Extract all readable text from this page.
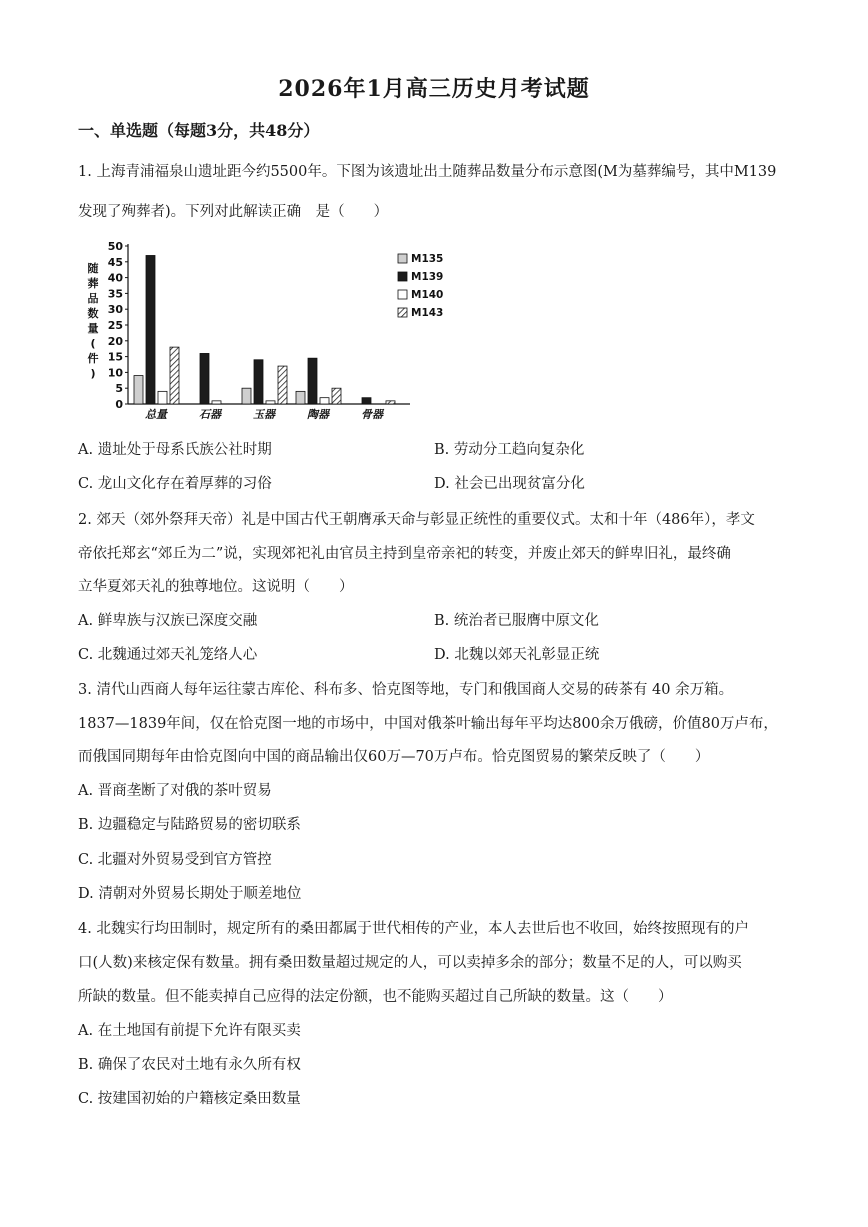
2026年1月高三历史月考试题
一、单选题（每题3分，共48分）
1. 上海青浦福泉山遗址距今约5500年。下图为该遗址出土随葬品数量分布示意图(M为墓葬编号，其中M139
发现了殉葬者)。下列对此解读正确　是（　　）
随
葬
品
数
量
(
件
)
0
5
10
15
20
25
30
35
40
45
50
总量	石器	玉器	陶器	骨器
M135
M139
M140
M143
A. 遗址处于母系氏族公社时期	B. 劳动分工趋向复杂化
C. 龙山文化存在着厚葬的习俗	D. 社会已出现贫富分化
2. 郊天（郊外祭拜天帝）礼是中国古代王朝膺承天命与彰显正统性的重要仪式。太和十年（486年），孝文
帝依托郑玄“郊丘为二”说，实现郊祀礼由官员主持到皇帝亲祀的转变，并废止郊天的鲜卑旧礼，最终确
立华夏郊天礼的独尊地位。这说明（　　）
A. 鲜卑族与汉族已深度交融	B. 统治者已服膺中原文化
C. 北魏通过郊天礼笼络人心	D. 北魏以郊天礼彰显正统
3. 清代山西商人每年运往蒙古库伦、科布多、恰克图等地，专门和俄国商人交易的砖茶有 40 余万箱。
1837—1839年间，仅在恰克图一地的市场中，中国对俄茶叶输出每年平均达800余万俄磅，价值80万卢布，
而俄国同期每年由恰克图向中国的商品输出仅60万—70万卢布。恰克图贸易的繁荣反映了（　　）
A. 晋商垄断了对俄的茶叶贸易
B. 边疆稳定与陆路贸易的密切联系
C. 北疆对外贸易受到官方管控
D. 清朝对外贸易长期处于顺差地位
4. 北魏实行均田制时，规定所有的桑田都属于世代相传的产业，本人去世后也不收回，始终按照现有的户
口(人数)来核定保有数量。拥有桑田数量超过规定的人，可以卖掉多余的部分；数量不足的人，可以购买
所缺的数量。但不能卖掉自己应得的法定份额，也不能购买超过自己所缺的数量。这（　　）
A. 在土地国有前提下允许有限买卖
B. 确保了农民对土地有永久所有权
C. 按建国初始的户籍核定桑田数量
